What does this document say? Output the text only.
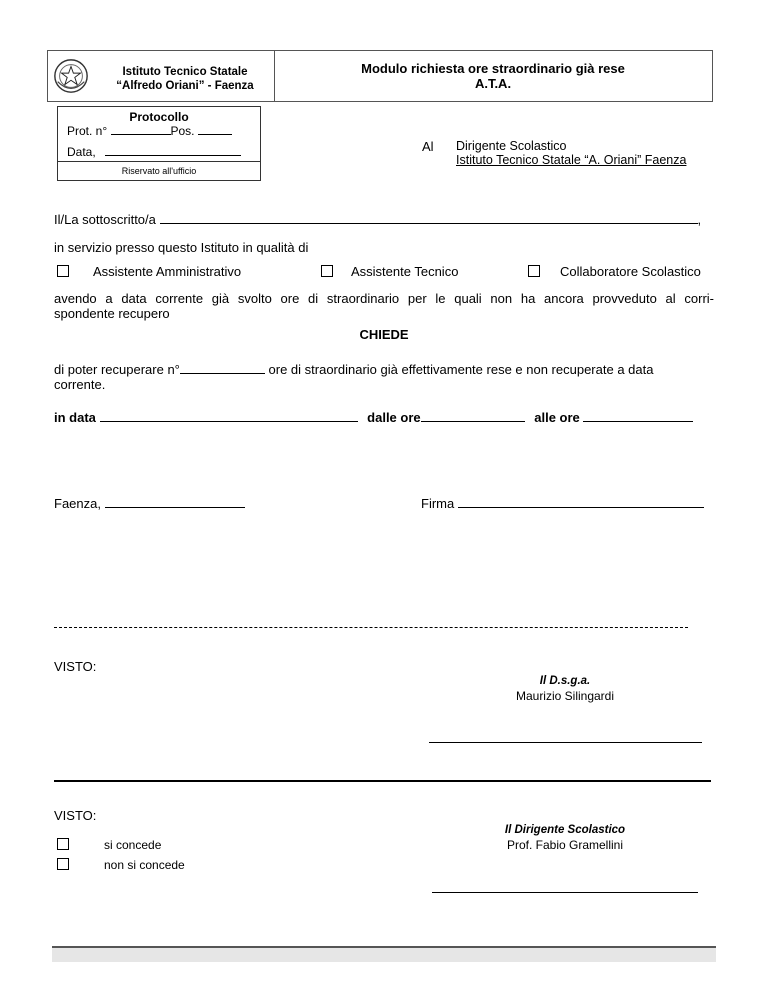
Istituto Tecnico Statale
“Alfredo Oriani” - Faenza
Modulo richiesta ore straordinario già rese
A.T.A.
Protocollo
Prot. n°	Pos.
Data,
Riservato all'ufficio
Al Dirigente Scolastico
Istituto Tecnico Statale “A. Oriani” Faenza
Il/La sottoscritto/a	,
in servizio presso questo Istituto in qualità di
Assistente Amministrativo	Assistente Tecnico	Collaboratore Scolastico
avendo a data corrente già svolto ore di straordinario per le quali non ha ancora provveduto al corri-
spondente recupero
CHIEDE
di poter recuperare n°	ore di straordinario già effettivamente rese e non recuperate a data
corrente.
in data	dalle ore	alle ore
Faenza,	Firma
VISTO:
Il D.s.g.a.
Maurizio Silingardi
VISTO:
si concede
non si concede
Il Dirigente Scolastico
Prof. Fabio Gramellini
